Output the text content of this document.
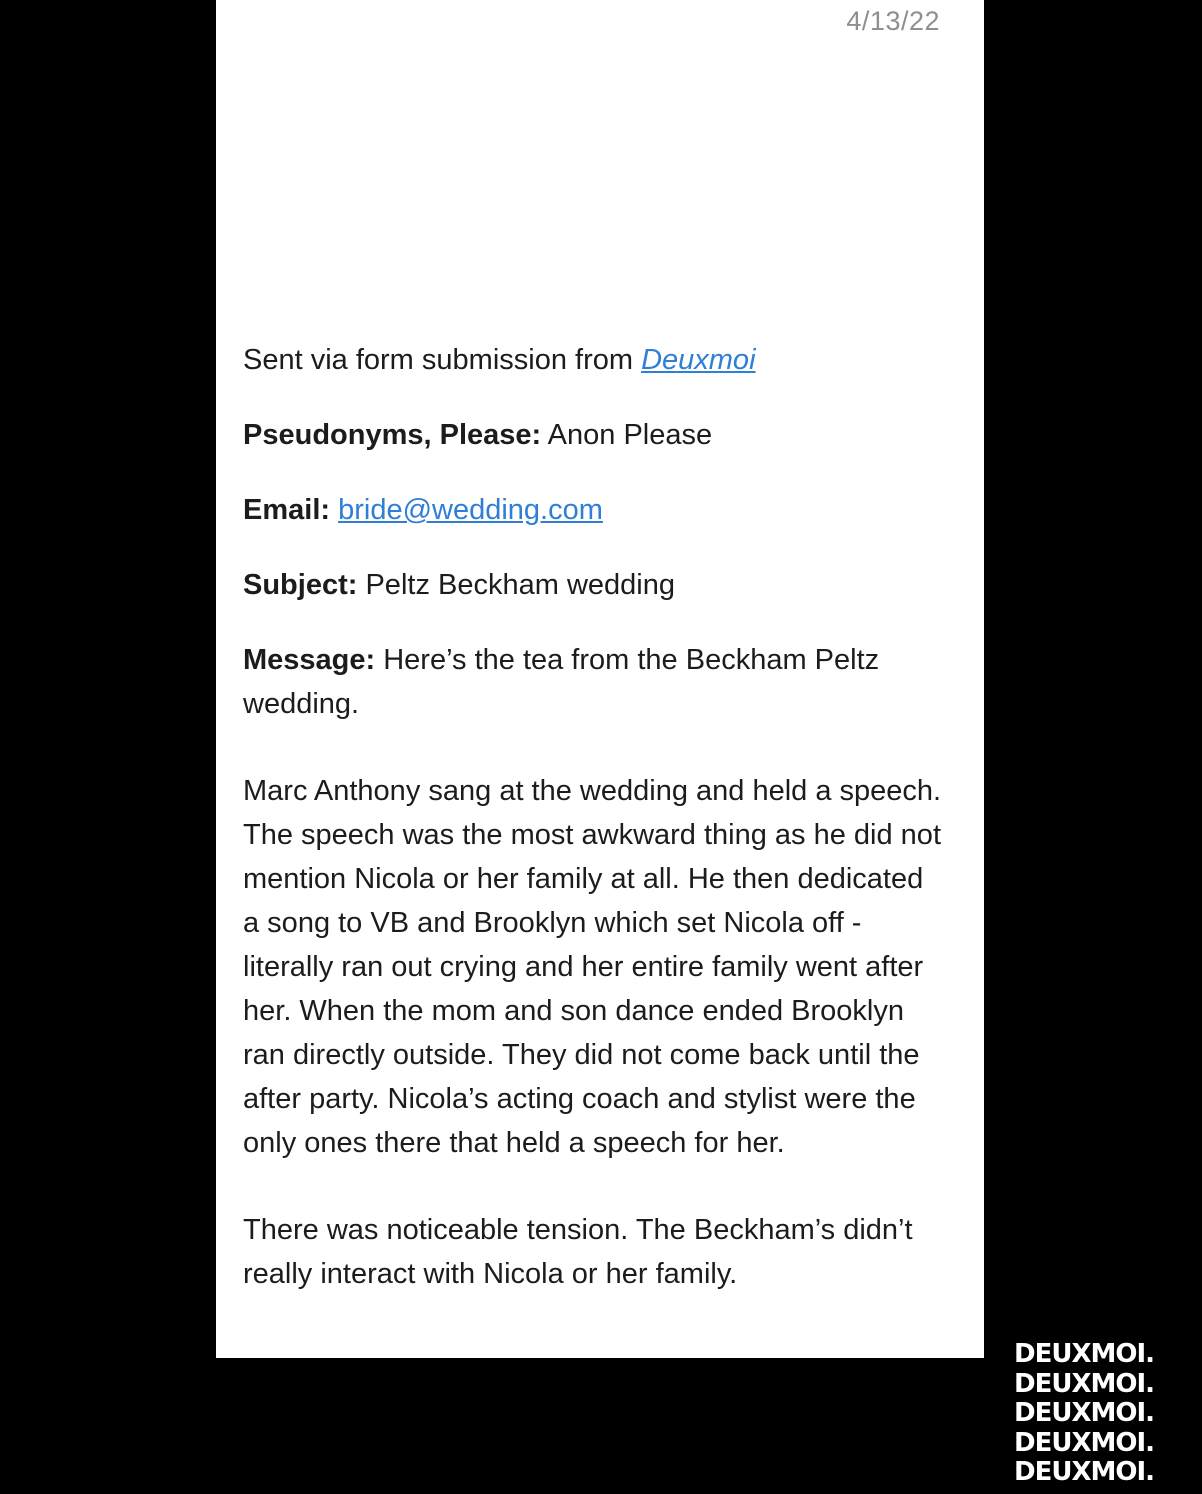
4/13/22
Sent via form submission from Deuxmoi
Pseudonyms, Please: Anon Please
Email: bride@wedding.com
Subject: Peltz Beckham wedding
Message: Here’s the tea from the Beckham Peltz wedding.
Marc Anthony sang at the wedding and held a speech. The speech was the most awkward thing as he did not mention Nicola or her family at all. He then dedicated a song to VB and Brooklyn which set Nicola off - literally ran out crying and her entire family went after her. When the mom and son dance ended Brooklyn ran directly outside. They did not come back until the after party. Nicola’s acting coach and stylist were the only ones there that held a speech for her.
There was noticeable tension. The Beckham’s didn’t really interact with Nicola or her family.
DEUXMOI.
DEUXMOI.
DEUXMOI.
DEUXMOI.
DEUXMOI.
